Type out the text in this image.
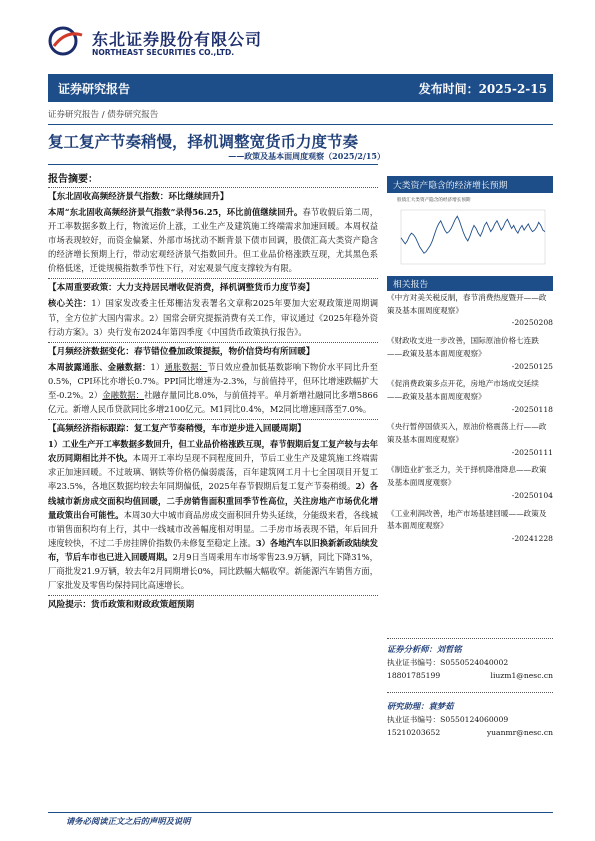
东北证券股份有限公司
NORTHEAST SECURITIES CO.,LTD.
证券研究报告	发布时间：2025-2-15
证券研究报告 / 债券研究报告
复工复产节奏稍慢，择机调整宽货币力度节奏
——政策及基本面周度观察（2025/2/15）
报告摘要：
【东北固收高频经济景气指数：环比继续回升】
本周“东北固收高频经济景气指数”录得56.25，环比前值继续回升。春节收假后第二周，开工率数据多数上行，物流运价上涨，工业生产及建筑施工终端需求加速回暖。本周权益市场表现较好，而资金偏紧、外部市场扰动不断背景下债市回调，股债汇高大类资产隐含的经济增长预期上行，带动宏观经济景气指数回升。但工业品价格涨跌互现，尤其黑色系价格低迷，迁徙规模指数季节性下行，对宏观景气度支撑较为有限。
【本周重要政策：大力支持居民增收促消费，择机调整货币力度节奏】
核心关注：1）国家发改委主任郑栅洁发表署名文章称2025年要加大宏观政策逆周期调节，全方位扩大国内需求。2）国常会研究提振消费有关工作，审议通过《2025年稳外资行动方案》。3）央行发布2024年第四季度《中国货币政策执行报告》。
【月频经济数据变化：春节错位叠加政策提振，物价信贷均有所回暖】
本周披露通胀、金融数据：1）通胀数据：节日效应叠加低基数影响下物价水平同比升至0.5%，CPI环比亦增长0.7%。PPI同比增速为-2.3%，与前值持平，但环比增速跌幅扩大至-0.2%。2）金融数据：社融存量同比8.0%，与前值持平。单月新增社融同比多增5866亿元。新增人民币贷款同比多增2100亿元。M1同比0.4%，M2同比增速回落至7.0%。
【高频经济指标跟踪：复工复产节奏稍慢，车市逆步进入回暖周期】
1）工业生产开工率数据多数回升，但工业品价格涨跌互现，春节假期后复工复产较与去年农历同期相比并不快。本周开工率均呈现不同程度回升，节后工业生产及建筑施工终端需求正加速回暖。不过玻璃、钢铁等价格仍偏弱震荡，百年建筑网工月十七全国项目开复工率23.5%，各地区数据均较去年同期偏低，2025年春节假期后复工复产节奏稍缓。2）各线城市新房成交面积均值回暖，二手房销售面积重回季节性高位，关注房地产市场优化增量政策出台可能性。本周30大中城市商品房成交面积回升势头延续，分能级来看，各线城市销售面积均有上行，其中一线城市改善幅度相对明显。二手房市场表现不错，年后回升速度较快，不过二手房挂牌价指数仍未修复至稳定上涨。3）各地汽车以旧换新新政陆续发布，节后车市也已进入回暖周期。2月9日当周乘用车市场零售23.9万辆，同比下降31%，厂商批发21.9万辆，较去年2月同期增长0%，同比跌幅大幅收窄。新能源汽车销售方面，厂家批发及零售均保持同比高速增长。
风险提示：货币政策和财政政策超预期
大类资产隐含的经济增长预期
股债汇大类资产隐含的经济增长预期
相关报告
《中方对美关税反制，春节消费热度暨开——政策及基本面周度观察》
-20250208
《财政收支进一步改善，国际原油价格七连跌——政策及基本面周度观察》
-20250125
《促消费政策多点开花，房地产市场成交延续——政策及基本面周度观察》
-20250118
《央行暂停国债买入，原油价格震荡上行——政策及基本面周度观察》
-20250111
《制造业扩张乏力，关于择机降准降息——政策及基本面周度观察》
-20250104
《工业利润改善，地产市场基建回暖——政策及基本面周度观察》
-20241228
证券分析师：刘哲铭
执业证书编号：S0550524040002
18801785199	liuzm1@nesc.cn
研究助理：袁梦茹
执业证书编号：S0550124060009
15210203652	yuanmr@nesc.cn
请务必阅读正文之后的声明及说明
